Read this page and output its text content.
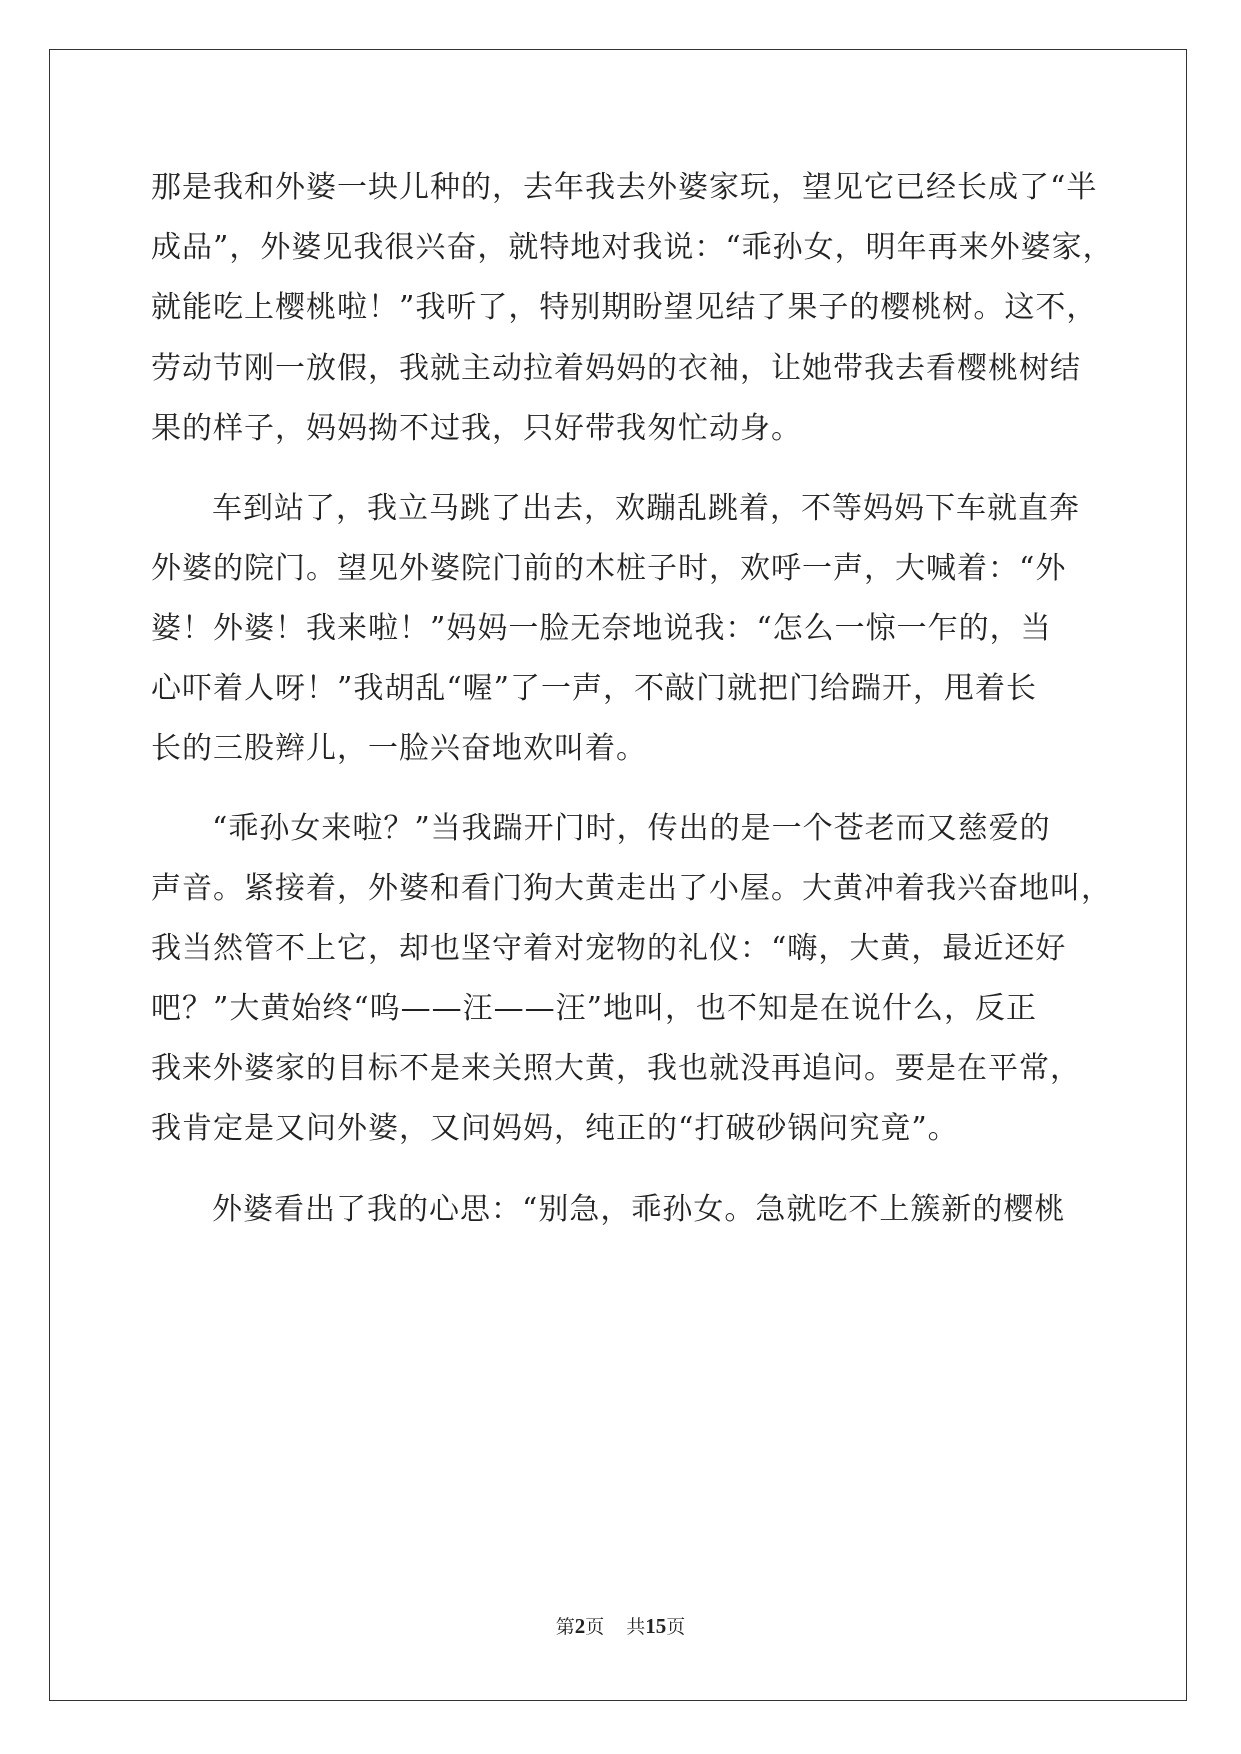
那是我和外婆一块儿种的，去年我去外婆家玩，望见它已经长成了“半
成品”，外婆见我很兴奋，就特地对我说：“乖孙女，明年再来外婆家，
就能吃上樱桃啦！”我听了，特别期盼望见结了果子的樱桃树。这不，
劳动节刚一放假，我就主动拉着妈妈的衣袖，让她带我去看樱桃树结
果的样子，妈妈拗不过我，只好带我匆忙动身。
车到站了，我立马跳了出去，欢蹦乱跳着，不等妈妈下车就直奔
外婆的院门。望见外婆院门前的木桩子时，欢呼一声，大喊着：“外
婆！外婆！我来啦！”妈妈一脸无奈地说我：“怎么一惊一乍的，当
心吓着人呀！”我胡乱“喔”了一声，不敲门就把门给踹开，甩着长
长的三股辫儿，一脸兴奋地欢叫着。
“乖孙女来啦？”当我踹开门时，传出的是一个苍老而又慈爱的
声音。紧接着，外婆和看门狗大黄走出了小屋。大黄冲着我兴奋地叫，
我当然管不上它，却也坚守着对宠物的礼仪：“嗨，大黄，最近还好
吧？”大黄始终“呜——汪——汪”地叫，也不知是在说什么，反正
我来外婆家的目标不是来关照大黄，我也就没再追问。要是在平常，
我肯定是又问外婆，又问妈妈，纯正的“打破砂锅问究竟”。
外婆看出了我的心思：“别急，乖孙女。急就吃不上簇新的樱桃
第2页 共15页
